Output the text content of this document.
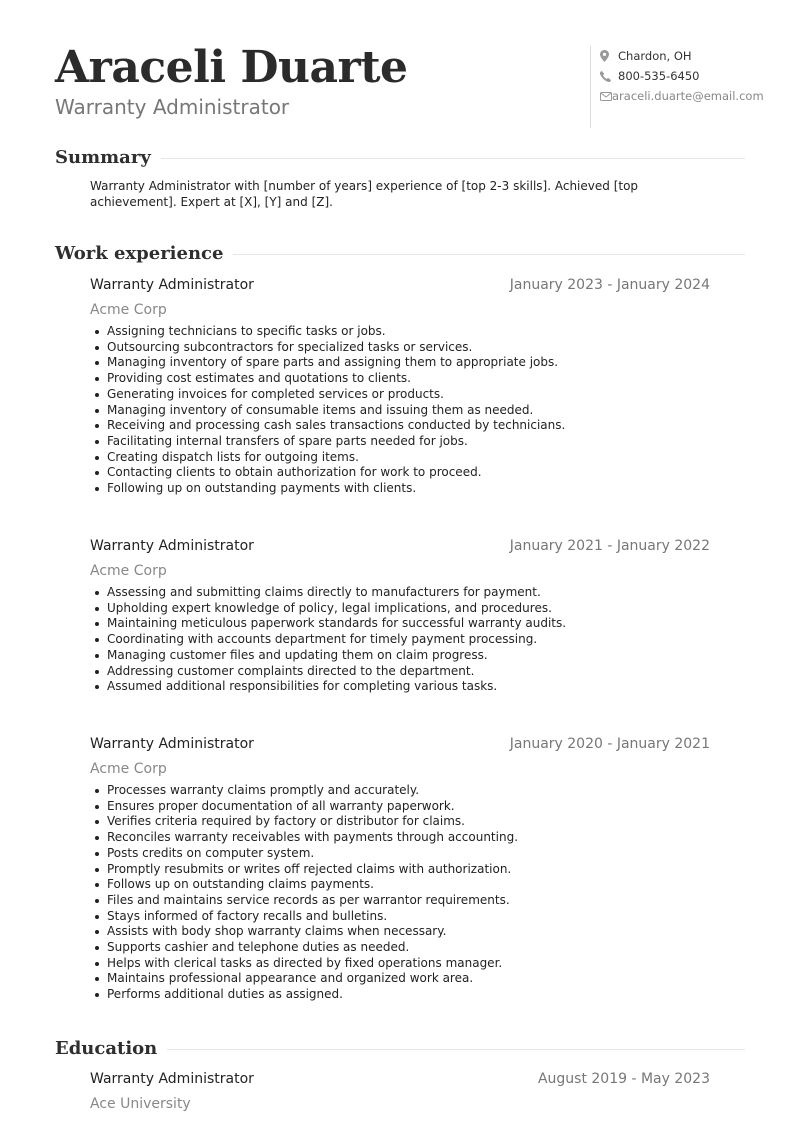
Araceli Duarte
Warranty Administrator
Chardon, OH
800-535-6450
araceli.duarte@email.com
Summary
Warranty Administrator with [number of years] experience of [top 2-3 skills]. Achieved [top achievement]. Expert at [X], [Y] and [Z].
Work experience
Warranty Administrator	January 2023 - January 2024
Acme Corp
Assigning technicians to specific tasks or jobs.
Outsourcing subcontractors for specialized tasks or services.
Managing inventory of spare parts and assigning them to appropriate jobs.
Providing cost estimates and quotations to clients.
Generating invoices for completed services or products.
Managing inventory of consumable items and issuing them as needed.
Receiving and processing cash sales transactions conducted by technicians.
Facilitating internal transfers of spare parts needed for jobs.
Creating dispatch lists for outgoing items.
Contacting clients to obtain authorization for work to proceed.
Following up on outstanding payments with clients.
Warranty Administrator	January 2021 - January 2022
Acme Corp
Assessing and submitting claims directly to manufacturers for payment.
Upholding expert knowledge of policy, legal implications, and procedures.
Maintaining meticulous paperwork standards for successful warranty audits.
Coordinating with accounts department for timely payment processing.
Managing customer files and updating them on claim progress.
Addressing customer complaints directed to the department.
Assumed additional responsibilities for completing various tasks.
Warranty Administrator	January 2020 - January 2021
Acme Corp
Processes warranty claims promptly and accurately.
Ensures proper documentation of all warranty paperwork.
Verifies criteria required by factory or distributor for claims.
Reconciles warranty receivables with payments through accounting.
Posts credits on computer system.
Promptly resubmits or writes off rejected claims with authorization.
Follows up on outstanding claims payments.
Files and maintains service records as per warrantor requirements.
Stays informed of factory recalls and bulletins.
Assists with body shop warranty claims when necessary.
Supports cashier and telephone duties as needed.
Helps with clerical tasks as directed by fixed operations manager.
Maintains professional appearance and organized work area.
Performs additional duties as assigned.
Education
Warranty Administrator	August 2019 - May 2023
Ace University
